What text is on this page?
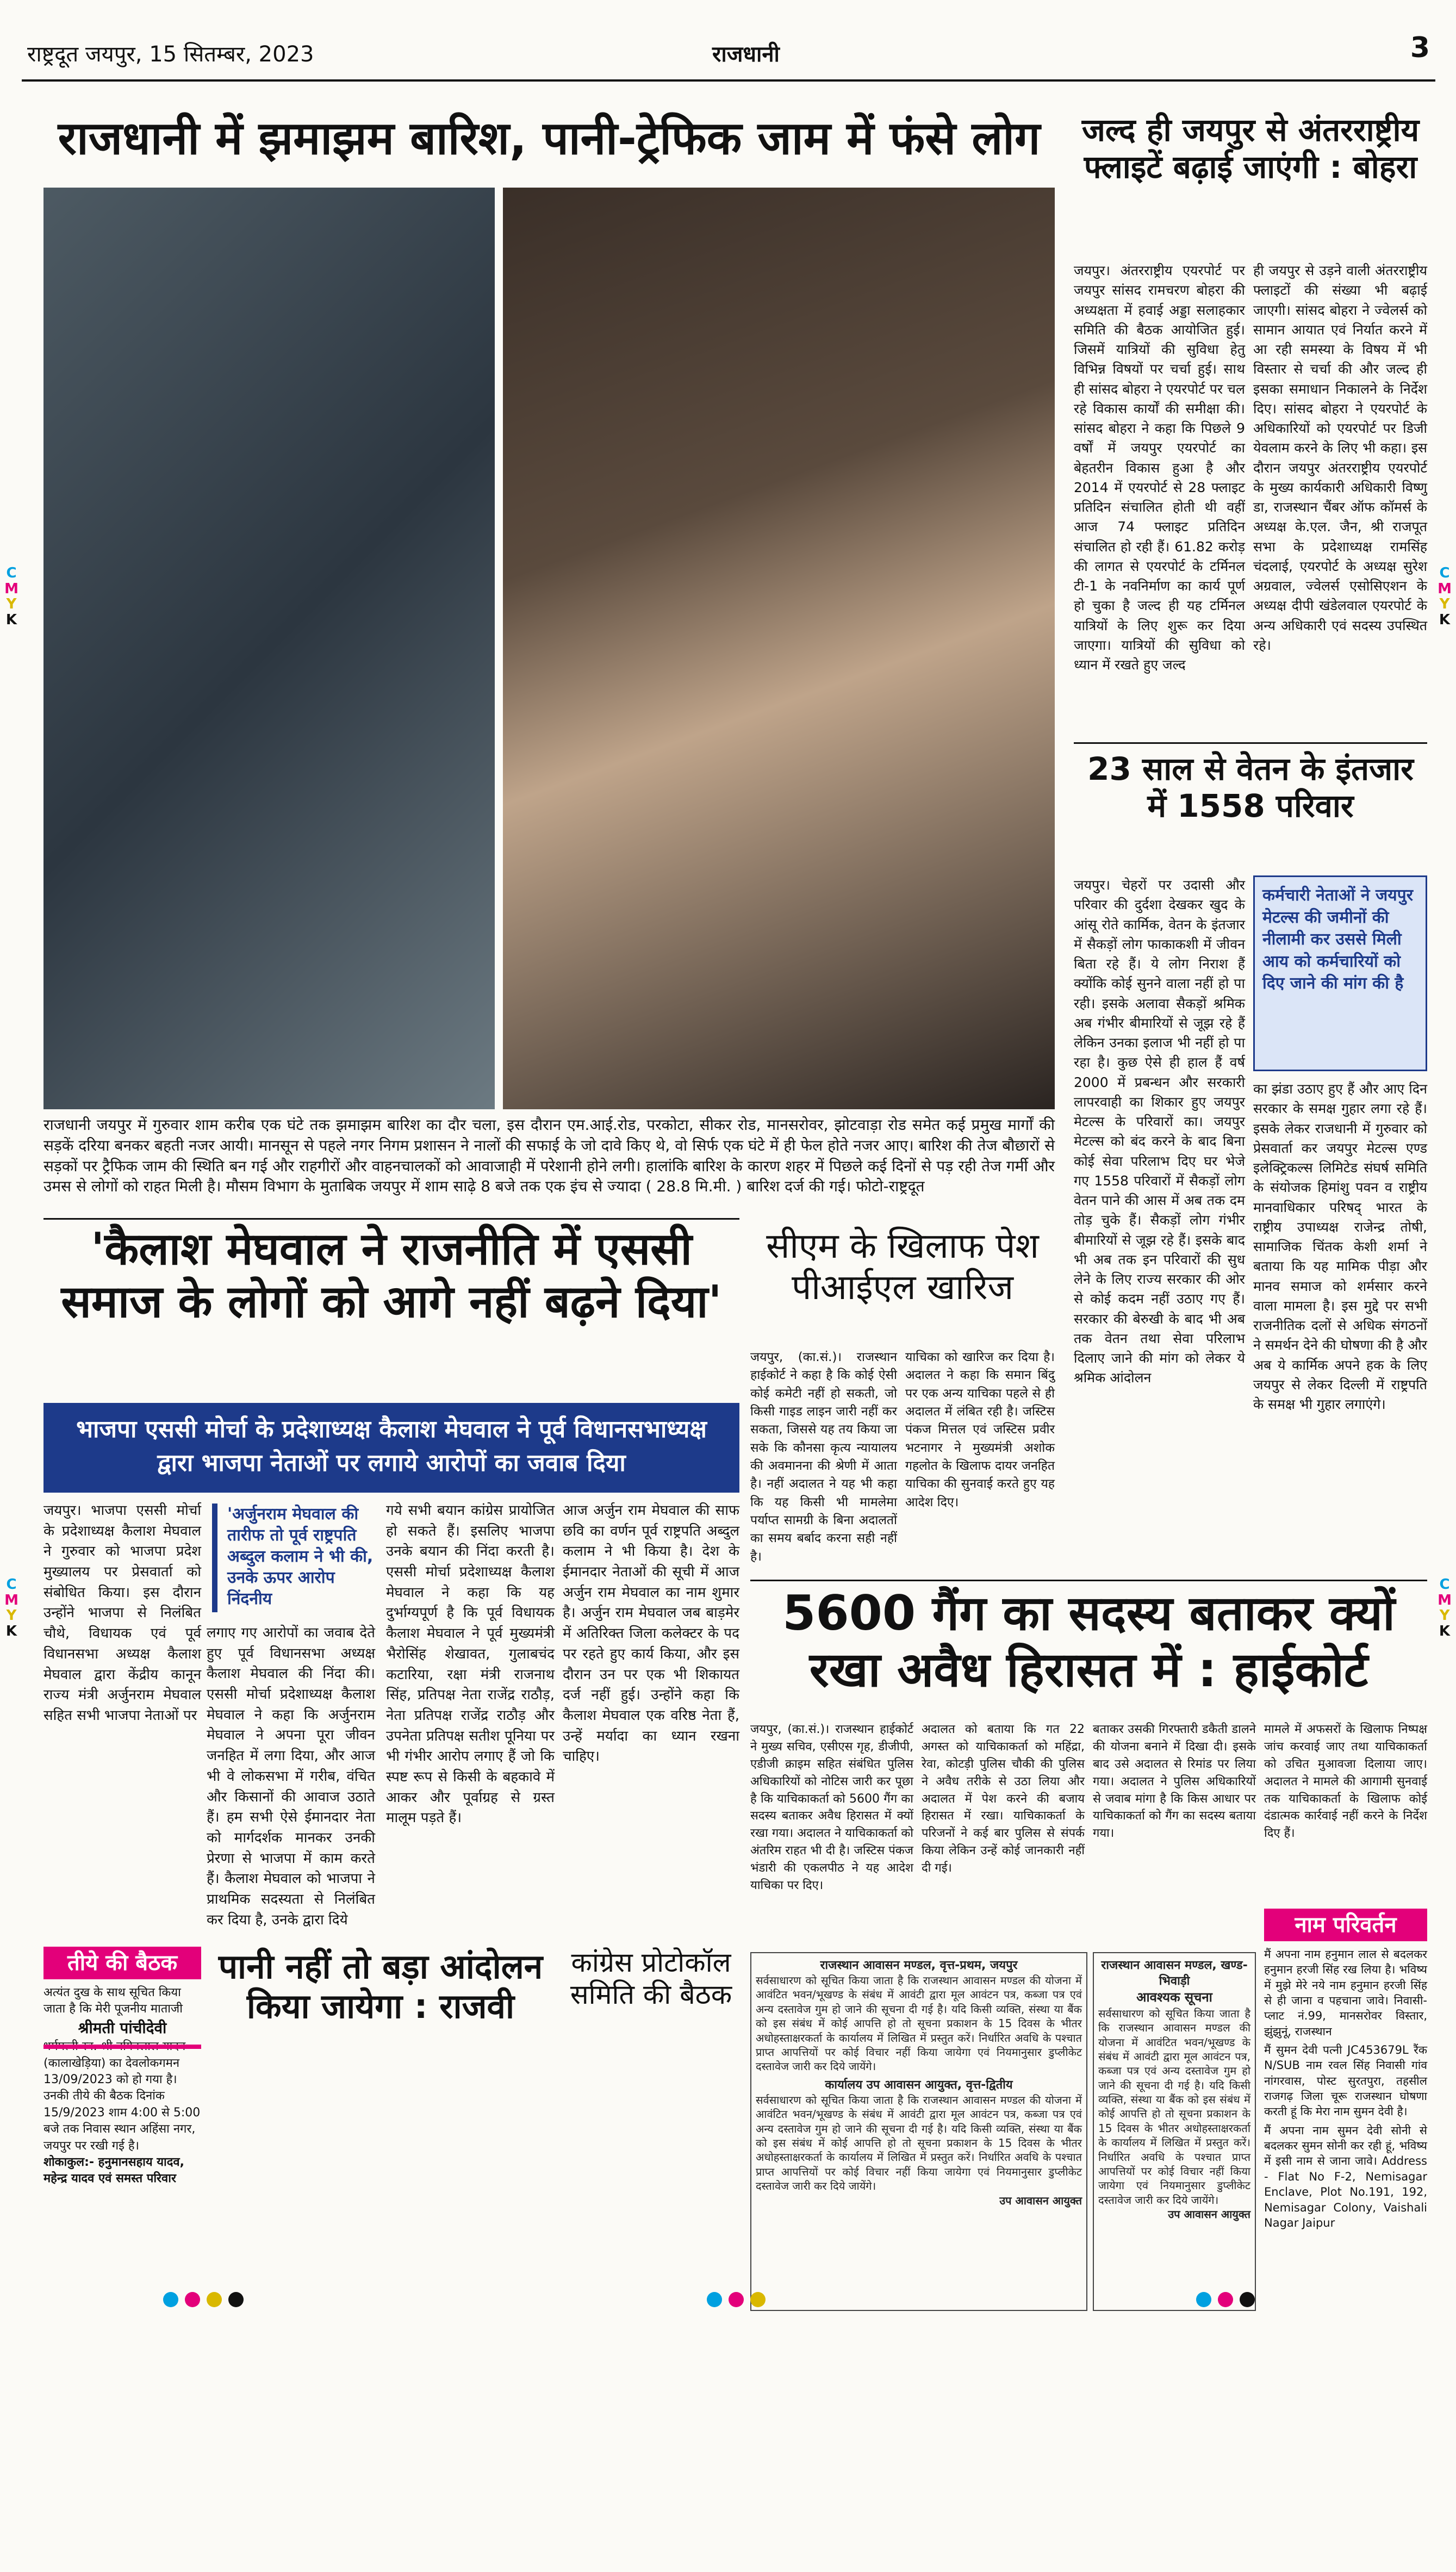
राष्ट्रदूत जयपुर, 15 सितम्बर, 2023	राजधानी	3
C
M
Y
K
C
M
Y
K
C
M
Y
K
C
M
Y
K
राजधानी में झमाझम बारिश, पानी-ट्रेफिक जाम में फंसे लोग
राजधानी जयपुर में गुरुवार शाम करीब एक घंटे तक झमाझम बारिश का दौर चला, इस दौरान एम.आई.रोड, परकोटा, सीकर रोड, मानसरोवर, झोटवाड़ा रोड समेत कई प्रमुख मार्गों की सड़कें दरिया बनकर बहती नजर आयी। मानसून से पहले नगर निगम प्रशासन ने नालों की सफाई के जो दावे किए थे, वो सिर्फ एक घंटे में ही फेल होते नजर आए। बारिश की तेज बौछारों से सड़कों पर ट्रैफिक जाम की स्थिति बन गई और राहगीरों और वाहनचालकों को आवाजाही में परेशानी होने लगी। हालांकि बारिश के कारण शहर में पिछले कई दिनों से पड़ रही तेज गर्मी और उमस से लोगों को राहत मिली है। मौसम विभाग के मुताबिक जयपुर में शाम साढ़े 8 बजे तक एक इंच से ज्यादा ( 28.8 मि.मी. ) बारिश दर्ज की गई। फोटो-राष्ट्रदूत
जल्द ही जयपुर से अंतरराष्ट्रीय फ्लाइटें बढ़ाई जाएंगी : बोहरा
जयपुर। अंतरराष्ट्रीय एयरपोर्ट पर जयपुर सांसद रामचरण बोहरा की अध्यक्षता में हवाई अड्डा सलाहकार समिति की बैठक आयोजित हुई। जिसमें यात्रियों की सुविधा हेतु विभिन्न विषयों पर चर्चा हुई। साथ ही सांसद बोहरा ने एयरपोर्ट पर चल रहे विकास कार्यों की समीक्षा की। सांसद बोहरा ने कहा कि पिछले 9 वर्षों में जयपुर एयरपोर्ट का बेहतरीन विकास हुआ है और 2014 में एयरपोर्ट से 28 फ्लाइट प्रतिदिन संचालित होती थी वहीं आज 74 फ्लाइट प्रतिदिन संचालित हो रही हैं। 61.82 करोड़ की लागत से एयरपोर्ट के टर्मिनल टी-1 के नवनिर्माण का कार्य पूर्ण हो चुका है जल्द ही यह टर्मिनल यात्रियों के लिए शुरू कर दिया जाएगा। यात्रियों की सुविधा को ध्यान में रखते हुए जल्द
ही जयपुर से उड़ने वाली अंतरराष्ट्रीय फ्लाइटों की संख्या भी बढ़ाई जाएगी। सांसद बोहरा ने ज्वेलर्स को सामान आयात एवं निर्यात करने में आ रही समस्या के विषय में भी विस्तार से चर्चा की और जल्द ही इसका समाधान निकालने के निर्देश दिए। सांसद बोहरा ने एयरपोर्ट के अधिकारियों को एयरपोर्ट पर डिजी येवलाम करने के लिए भी कहा। इस दौरान जयपुर अंतरराष्ट्रीय एयरपोर्ट के मुख्य कार्यकारी अधिकारी विष्णु डा, राजस्थान चैंबर ऑफ कॉमर्स के अध्यक्ष के.एल. जैन, श्री राजपूत सभा के प्रदेशाध्यक्ष रामसिंह चंदलाई, एयरपोर्ट के अध्यक्ष सुरेश अग्रवाल, ज्वेलर्स एसोसिएशन के अध्यक्ष दीपी खंडेलवाल एयरपोर्ट के अन्य अधिकारी एवं सदस्य उपस्थित रहे।
23 साल से वेतन के इंतजार में 1558 परिवार
जयपुर। चेहरों पर उदासी और परिवार की दुर्दशा देखकर खुद के आंसू रोते कार्मिक, वेतन के इंतजार में सैकड़ों लोग फाकाकशी में जीवन बिता रहे हैं। ये लोग निराश हैं क्योंकि कोई सुनने वाला नहीं हो पा रही। इसके अलावा सैकड़ों श्रमिक अब गंभीर बीमारियों से जूझ रहे हैं लेकिन उनका इलाज भी नहीं हो पा रहा है। कुछ ऐसे ही हाल हैं वर्ष 2000 में प्रबन्धन और सरकारी लापरवाही का शिकार हुए जयपुर मेटल्स के परिवारों का। जयपुर मेटल्स को बंद करने के बाद बिना कोई सेवा परिलाभ दिए घर भेजे गए 1558 परिवारों में सैकड़ों लोग वेतन पाने की आस में अब तक दम तोड़ चुके हैं। सैकड़ों लोग गंभीर बीमारियों से जूझ रहे हैं। इसके बाद भी अब तक इन परिवारों की सुध लेने के लिए राज्य सरकार की ओर से कोई कदम नहीं उठाए गए हैं। सरकार की बेरुखी के बाद भी अब तक वेतन तथा सेवा परिलाभ दिलाए जाने की मांग को लेकर ये श्रमिक आंदोलन
कर्मचारी नेताओं ने जयपुर मेटल्स की जमीनों की नीलामी कर उससे मिली आय को कर्मचारियों को दिए जाने की मांग की है
का झंडा उठाए हुए हैं और आए दिन सरकार के समक्ष गुहार लगा रहे हैं। इसके लेकर राजधानी में गुरुवार को प्रेसवार्ता कर जयपुर मेटल्स एण्ड इलेक्ट्रिकल्स लिमिटेड संघर्ष समिति के संयोजक हिमांशु पवन व राष्ट्रीय मानवाधिकार परिषद् भारत के राष्ट्रीय उपाध्यक्ष राजेन्द्र तोषी, सामाजिक चिंतक केशी शर्मा ने बताया कि यह मामिक पीड़ा और मानव समाज को शर्मसार करने वाला मामला है। इस मुद्दे पर सभी राजनीतिक दलों से अधिक संगठनों ने समर्थन देने की घोषणा की है और अब ये कार्मिक अपने हक के लिए जयपुर से लेकर दिल्ली में राष्ट्रपति के समक्ष भी गुहार लगाएंगे।
'कैलाश मेघवाल ने राजनीति में एससी समाज के लोगों को आगे नहीं बढ़ने दिया'
भाजपा एससी मोर्चा के प्रदेशाध्यक्ष कैलाश मेघवाल ने पूर्व विधानसभाध्यक्ष द्वारा भाजपा नेताओं पर लगाये आरोपों का जवाब दिया
जयपुर। भाजपा एससी मोर्चा के प्रदेशाध्यक्ष कैलाश मेघवाल ने गुरुवार को भाजपा प्रदेश मुख्यालय पर प्रेसवार्ता को संबोधित किया। इस दौरान उन्होंने भाजपा से निलंबित चौथे, विधायक एवं पूर्व विधानसभा अध्यक्ष कैलाश मेघवाल द्वारा केंद्रीय कानून राज्य मंत्री अर्जुनराम मेघवाल सहित सभी भाजपा नेताओं पर
'अर्जुनराम मेघवाल की तारीफ तो पूर्व राष्ट्रपति अब्दुल कलाम ने भी की, उनके ऊपर आरोप निंदनीय
आज अर्जुन राम मेघवाल की साफ छवि का वर्णन पूर्व राष्ट्रपति अब्दुल कलाम ने भी किया है। देश के ईमानदार नेताओं की सूची में आज अर्जुन राम मेघवाल का नाम शुमार है। अर्जुन राम मेघवाल जब बाड़मेर में अतिरिक्त जिला कलेक्टर के पद पर रहते हुए कार्य किया, और इस दौरान उन पर एक भी शिकायत दर्ज नहीं हुई। उन्होंने कहा कि कैलाश मेघवाल एक वरिष्ठ नेता हैं, उन्हें मर्यादा का ध्यान रखना चाहिए।
लगाए गए आरोपों का जवाब देते हुए पूर्व विधानसभा अध्यक्ष कैलाश मेघवाल की निंदा की। एससी मोर्चा प्रदेशाध्यक्ष कैलाश मेघवाल ने कहा कि अर्जुनराम मेघवाल ने अपना पूरा जीवन जनहित में लगा दिया, और आज भी वे लोकसभा में गरीब, वंचित और किसानों की आवाज उठाते हैं। हम सभी ऐसे ईमानदार नेता को मार्गदर्शक मानकर उनकी प्रेरणा से भाजपा में काम करते हैं। कैलाश मेघवाल को भाजपा ने प्राथमिक सदस्यता से निलंबित कर दिया है, उनके द्वारा दिये
गये सभी बयान कांग्रेस प्रायोजित हो सकते हैं। इसलिए भाजपा उनके बयान की निंदा करती है। एससी मोर्चा प्रदेशाध्यक्ष कैलाश मेघवाल ने कहा कि यह दुर्भाग्यपूर्ण है कि पूर्व विधायक कैलाश मेघवाल ने पूर्व मुख्यमंत्री भैरोसिंह शेखावत, गुलाबचंद कटारिया, रक्षा मंत्री राजनाथ सिंह, प्रतिपक्ष नेता राजेंद्र राठौड़, नेता प्रतिपक्ष राजेंद्र राठौड़ और उपनेता प्रतिपक्ष सतीश पूनिया पर भी गंभीर आरोप लगाए हैं जो कि स्पष्ट रूप से किसी के बहकावे में आकर और पूर्वाग्रह से ग्रस्त मालूम पड़ते हैं।
सीएम के खिलाफ पेश पीआईएल खारिज
जयपुर, (का.सं.)। राजस्थान हाईकोर्ट ने कहा है कि कोई ऐसी कोई कमेटी नहीं हो सकती, जो किसी गाइड लाइन जारी नहीं कर सकता, जिससे यह तय किया जा सके कि कौनसा कृत्य न्यायालय की अवमानना की श्रेणी में आता है। नहीं अदालत ने यह भी कहा कि यह किसी भी मामलेमा पर्याप्त सामग्री के बिना अदालतों का समय बर्बाद करना सही नहीं है।
याचिका को खारिज कर दिया है। अदालत ने कहा कि समान बिंदु पर एक अन्य याचिका पहले से ही अदालत में लंबित रही है। जस्टिस पंकज मित्तल एवं जस्टिस प्रवीर भटनागर ने मुख्यमंत्री अशोक गहलोत के खिलाफ दायर जनहित याचिका की सुनवाई करते हुए यह आदेश दिए।
5600 गैंग का सदस्य बताकर क्यों रखा अवैध हिरासत में : हाईकोर्ट
जयपुर, (का.सं.)। राजस्थान हाईकोर्ट ने मुख्य सचिव, एसीएस गृह, डीजीपी, एडीजी क्राइम सहित संबंधित पुलिस अधिकारियों को नोटिस जारी कर पूछा है कि याचिकाकर्ता को 5600 गैंग का सदस्य बताकर अवैध हिरासत में क्यों रखा गया। अदालत ने याचिकाकर्ता को अंतरिम राहत भी दी है। जस्टिस पंकज भंडारी की एकलपीठ ने यह आदेश याचिका पर दिए।
अदालत को बताया कि गत 22 अगस्त को याचिकाकर्ता को महिंद्रा, रेवा, कोटड़ी पुलिस चौकी की पुलिस ने अवैध तरीके से उठा लिया और अदालत में पेश करने की बजाय हिरासत में रखा। याचिकाकर्ता के परिजनों ने कई बार पुलिस से संपर्क किया लेकिन उन्हें कोई जानकारी नहीं दी गई।
बताकर उसकी गिरफ्तारी डकैती डालने की योजना बनाने में दिखा दी। इसके बाद उसे अदालत से रिमांड पर लिया गया। अदालत ने पुलिस अधिकारियों से जवाब मांगा है कि किस आधार पर याचिकाकर्ता को गैंग का सदस्य बताया गया।
मामले में अफसरों के खिलाफ निष्पक्ष जांच करवाई जाए तथा याचिकाकर्ता को उचित मुआवजा दिलाया जाए। अदालत ने मामले की आगामी सुनवाई तक याचिकाकर्ता के खिलाफ कोई दंडात्मक कार्रवाई नहीं करने के निर्देश दिए हैं।
तीये की बैठक
अत्यंत दुख के साथ सूचित किया जाता है कि मेरी पूजनीय माताजी
श्रीमती पांचीदेवी
धर्मपत्नी स्व. श्री नगिनलाल यादव (कालाखेड़िया) का देवलोकगमन 13/09/2023 को हो गया है। उनकी तीये की बैठक दिनांक 15/9/2023 शाम 4:00 से 5:00 बजे तक निवास स्थान अहिंसा नगर, जयपुर पर रखी गई है।
शोकाकुल:- हनुमानसहाय यादव, महेन्द्र यादव एवं समस्त परिवार
पानी नहीं तो बड़ा आंदोलन किया जायेगा : राजवी
कांग्रेस प्रोटोकॉल समिति की बैठक
नाम परिवर्तन
राजस्थान आवासन मण्डल, वृत्त-प्रथम, जयपुर
सर्वसाधारण को सूचित किया जाता है कि राजस्थान आवासन मण्डल की योजना में आवंटित भवन/भूखण्ड के संबंध में आवंटी द्वारा मूल आवंटन पत्र, कब्जा पत्र एवं अन्य दस्तावेज गुम हो जाने की सूचना दी गई है। यदि किसी व्यक्ति, संस्था या बैंक को इस संबंध में कोई आपत्ति हो तो सूचना प्रकाशन के 15 दिवस के भीतर अधोहस्ताक्षरकर्ता के कार्यालय में लिखित में प्रस्तुत करें। निर्धारित अवधि के पश्चात प्राप्त आपत्तियों पर कोई विचार नहीं किया जायेगा एवं नियमानुसार डुप्लीकेट दस्तावेज जारी कर दिये जायेंगे।
कार्यालय उप आवासन आयुक्त, वृत्त-द्वितीय
सर्वसाधारण को सूचित किया जाता है कि राजस्थान आवासन मण्डल की योजना में आवंटित भवन/भूखण्ड के संबंध में आवंटी द्वारा मूल आवंटन पत्र, कब्जा पत्र एवं अन्य दस्तावेज गुम हो जाने की सूचना दी गई है। यदि किसी व्यक्ति, संस्था या बैंक को इस संबंध में कोई आपत्ति हो तो सूचना प्रकाशन के 15 दिवस के भीतर अधोहस्ताक्षरकर्ता के कार्यालय में लिखित में प्रस्तुत करें। निर्धारित अवधि के पश्चात प्राप्त आपत्तियों पर कोई विचार नहीं किया जायेगा एवं नियमानुसार डुप्लीकेट दस्तावेज जारी कर दिये जायेंगे।
उप आवासन आयुक्त
राजस्थान आवासन मण्डल, खण्ड-भिवाड़ी
आवश्यक सूचना
सर्वसाधारण को सूचित किया जाता है कि राजस्थान आवासन मण्डल की योजना में आवंटित भवन/भूखण्ड के संबंध में आवंटी द्वारा मूल आवंटन पत्र, कब्जा पत्र एवं अन्य दस्तावेज गुम हो जाने की सूचना दी गई है। यदि किसी व्यक्ति, संस्था या बैंक को इस संबंध में कोई आपत्ति हो तो सूचना प्रकाशन के 15 दिवस के भीतर अधोहस्ताक्षरकर्ता के कार्यालय में लिखित में प्रस्तुत करें। निर्धारित अवधि के पश्चात प्राप्त आपत्तियों पर कोई विचार नहीं किया जायेगा एवं नियमानुसार डुप्लीकेट दस्तावेज जारी कर दिये जायेंगे।
उप आवासन आयुक्त

मैं अपना नाम हनुमान लाल से बदलकर हनुमान हरजी सिंह रख लिया है। भविष्य में मुझे मेरे नये नाम हनुमान हरजी सिंह से ही जाना व पहचाना जावे। निवासी-प्लाट नं.99, मानसरोवर विस्तार, झुंझुनूं, राजस्थान

मैं सुमन देवी पत्नी JC453679L रैंक N/SUB नाम रवल सिंह निवासी गांव नांगरवास, पोस्ट सुरतपुरा, तहसील राजगढ़ जिला चूरू राजस्थान घोषणा करती हूं कि मेरा नाम सुमन देवी है।

मैं अपना नाम सुमन देवी सोनी से बदलकर सुमन सोनी कर रही हूं, भविष्य में इसी नाम से जाना जावे। Address - Flat No F-2, Nemisagar Enclave, Plot No.191, 192, Nemisagar Colony, Vaishali Nagar Jaipur
